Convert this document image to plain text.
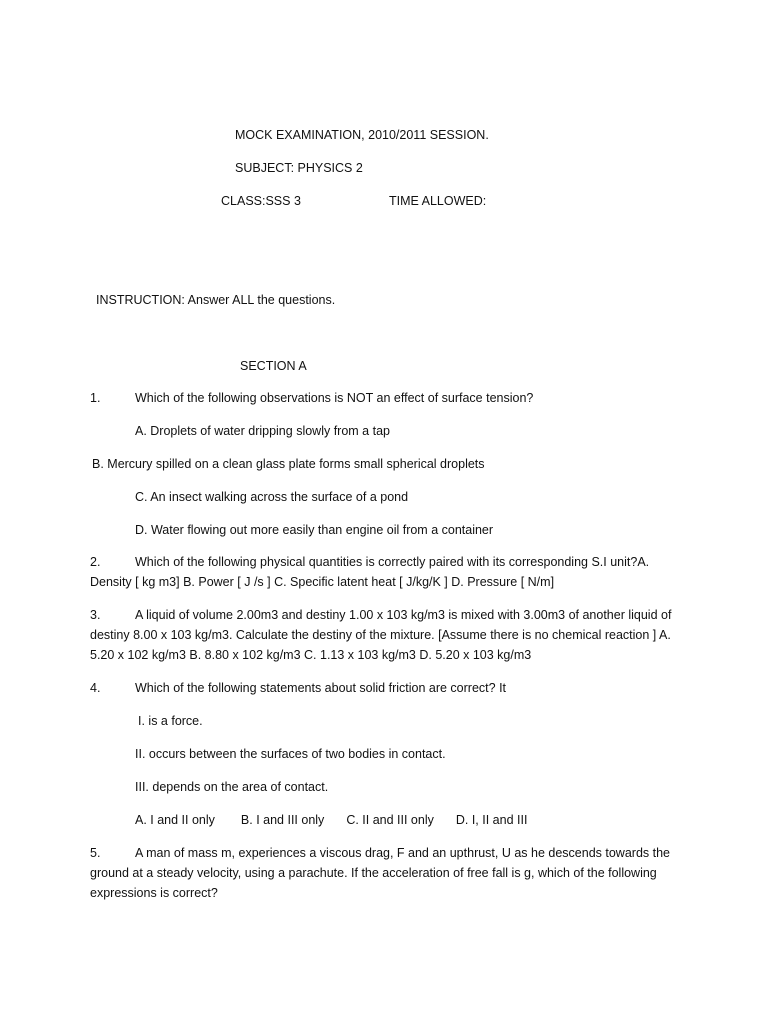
MOCK EXAMINATION, 2010/2011 SESSION.
SUBJECT: PHYSICS 2
CLASS:SSS 3	TIME ALLOWED:
INSTRUCTION: Answer ALL the questions.
SECTION A
1.	Which of the following observations is NOT an effect of surface tension?
A. Droplets of water dripping slowly from a tap
B. Mercury spilled on a clean glass plate forms small spherical droplets
C. An insect walking across the surface of a pond
D. Water flowing out more easily than engine oil from a container
2.	Which of the following physical quantities is correctly paired with its corresponding S.I unit?A. Density [ kg m3] B. Power [ J /s ] C. Specific latent heat [ J/kg/K ] D. Pressure [ N/m]
3.	A liquid of volume 2.00m3 and destiny 1.00 x 103 kg/m3 is mixed with 3.00m3 of another liquid of destiny 8.00 x 103 kg/m3. Calculate the destiny of the mixture. [Assume there is no chemical reaction ] A. 5.20 x 102 kg/m3 B. 8.80 x 102 kg/m3 C. 1.13 x 103 kg/m3 D. 5.20 x 103 kg/m3
4.	Which of the following statements about solid friction are correct? It
I. is a force.
II. occurs between the surfaces of two bodies in contact.
III. depends on the area of contact.
A. I and II only B. I and III only C. II and III only D. I, II and III
5.	A man of mass m, experiences a viscous drag, F and an upthrust, U as he descends towards the ground at a steady velocity, using a parachute. If the acceleration of free fall is g, which of the following expressions is correct?
